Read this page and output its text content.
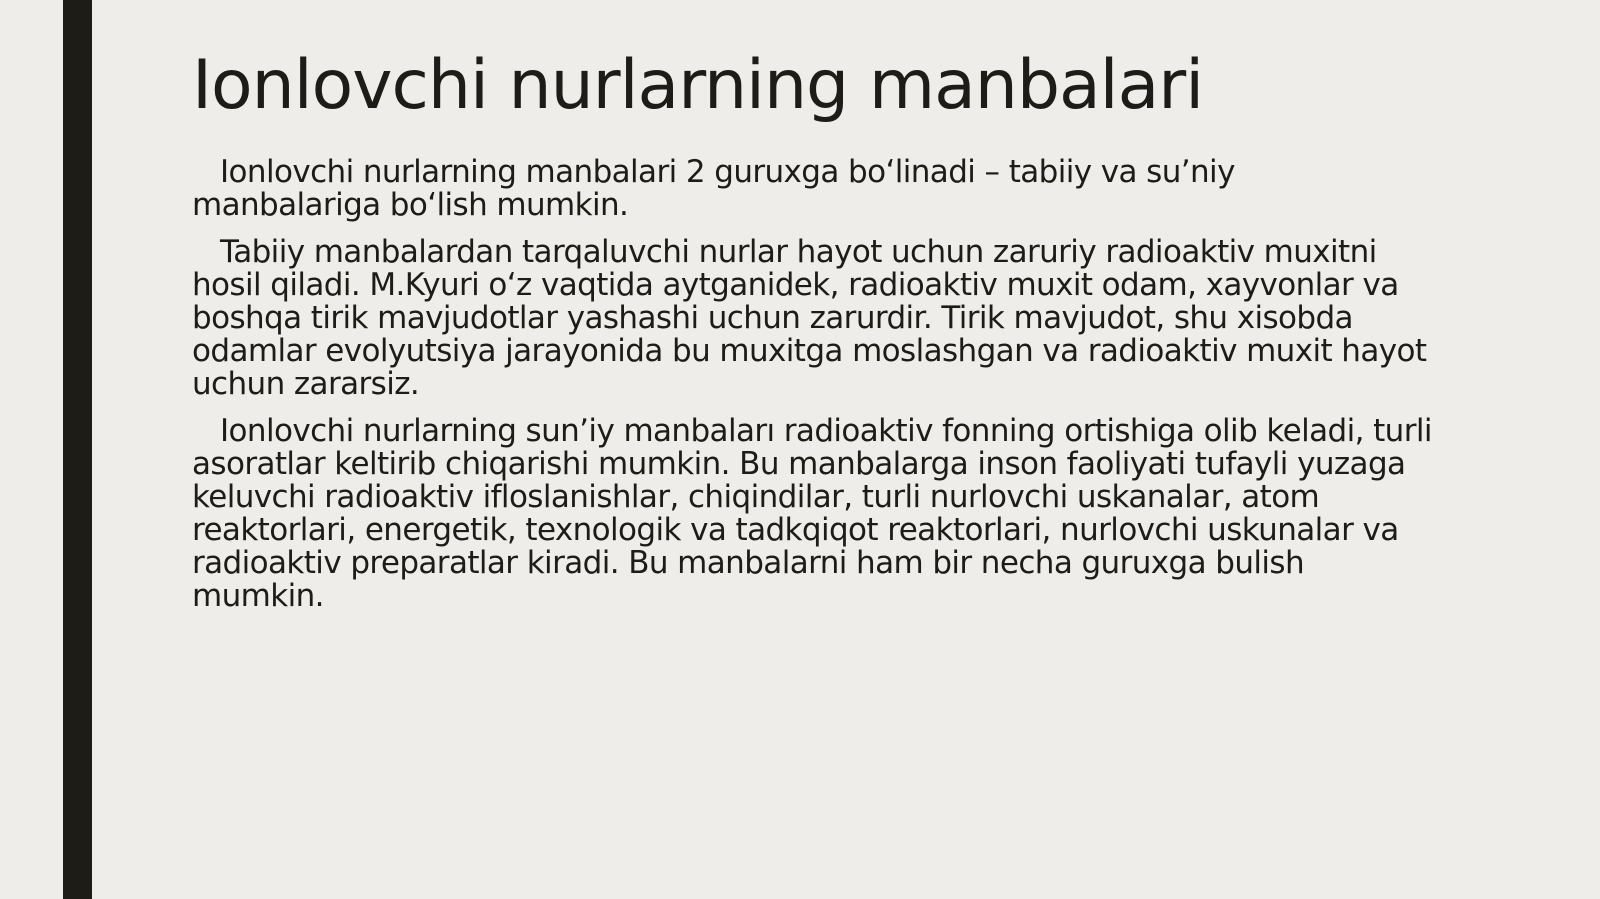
Ionlovchi nurlarning manbalari

Ionlovchi nurlarning manbalari 2 guruxga boʻlinadi – tabiiy va suʼniy manbalariga boʻlish mumkin.

Tabiiy manbalardan tarqaluvchi nurlar hayot uchun zaruriy radioaktiv muxitni hosil qiladi. M.Kyuri oʻz vaqtida aytganidek, radioaktiv muxit odam, xayvonlar va boshqa tirik mavjudotlar yashashi uchun zarurdir. Tirik mavjudot, shu xisobda odamlar evolyutsiya jarayonida bu muxitga moslashgan va radioaktiv muxit hayot uchun zararsiz.

Ionlovchi nurlarning sunʼiy manbaları radioaktiv fonning ortishiga olib keladi, turli asoratlar keltirib chiqarishi mumkin. Bu manbalarga inson faoliyati tufayli yuzaga keluvchi radioaktiv ifloslanishlar, chiqindilar, turli nurlovchi uskanalar, atom reaktorlari, energetik, texnologik va tadkqiqot reaktorlari, nurlovchi uskunalar va radioaktiv preparatlar kiradi. Bu manbalarni ham bir necha guruxga bulish mumkin.
